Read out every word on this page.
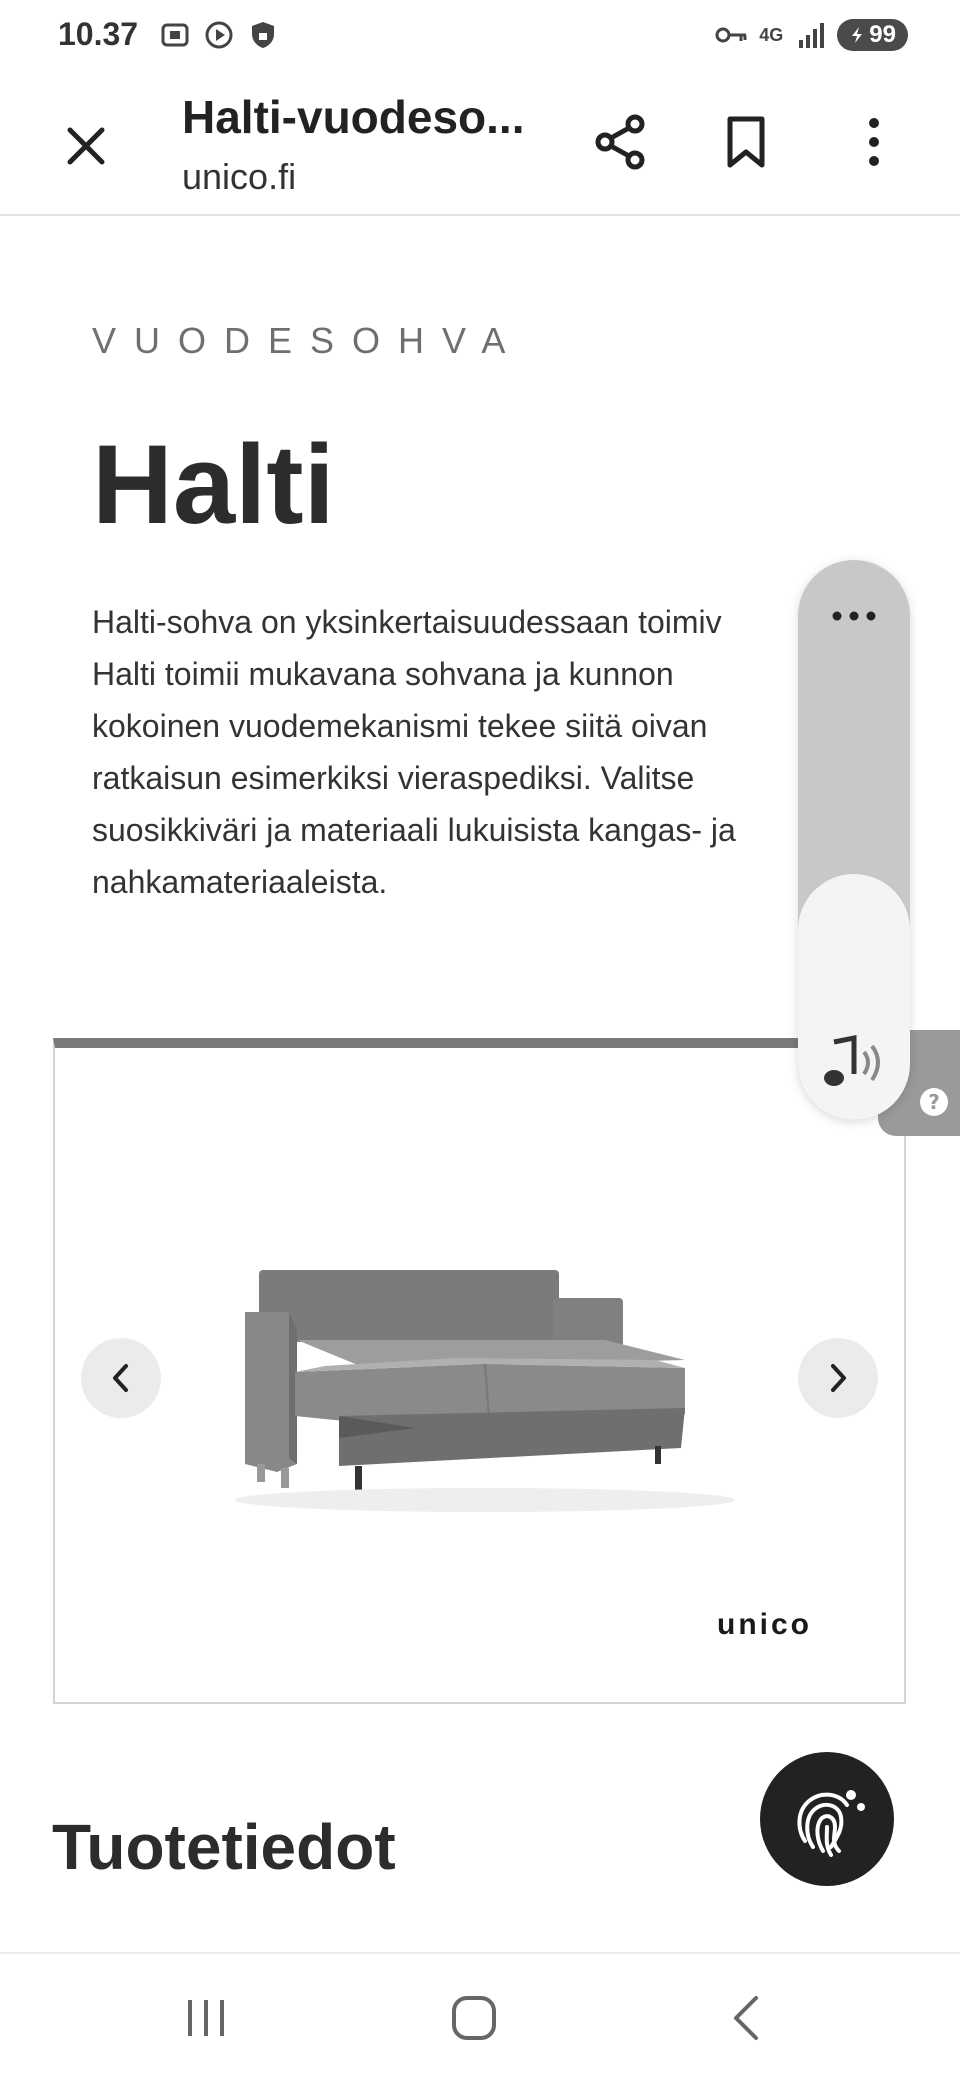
10.37	4G	99
Halti-vuodeso...
unico.fi
VUODESOHVA
Halti
Halti-sohva on yksinkertaisuudessaan toimiv
Halti toimii mukavana sohvana ja kunnon
kokoinen vuodemekanismi tekee siitä oivan
ratkaisun esimerkiksi vieraspediksi. Valitse
suosikkiväri ja materiaali lukuisista kangas- ja
nahkamateriaaleista.
unico
Tuotetiedot
?
